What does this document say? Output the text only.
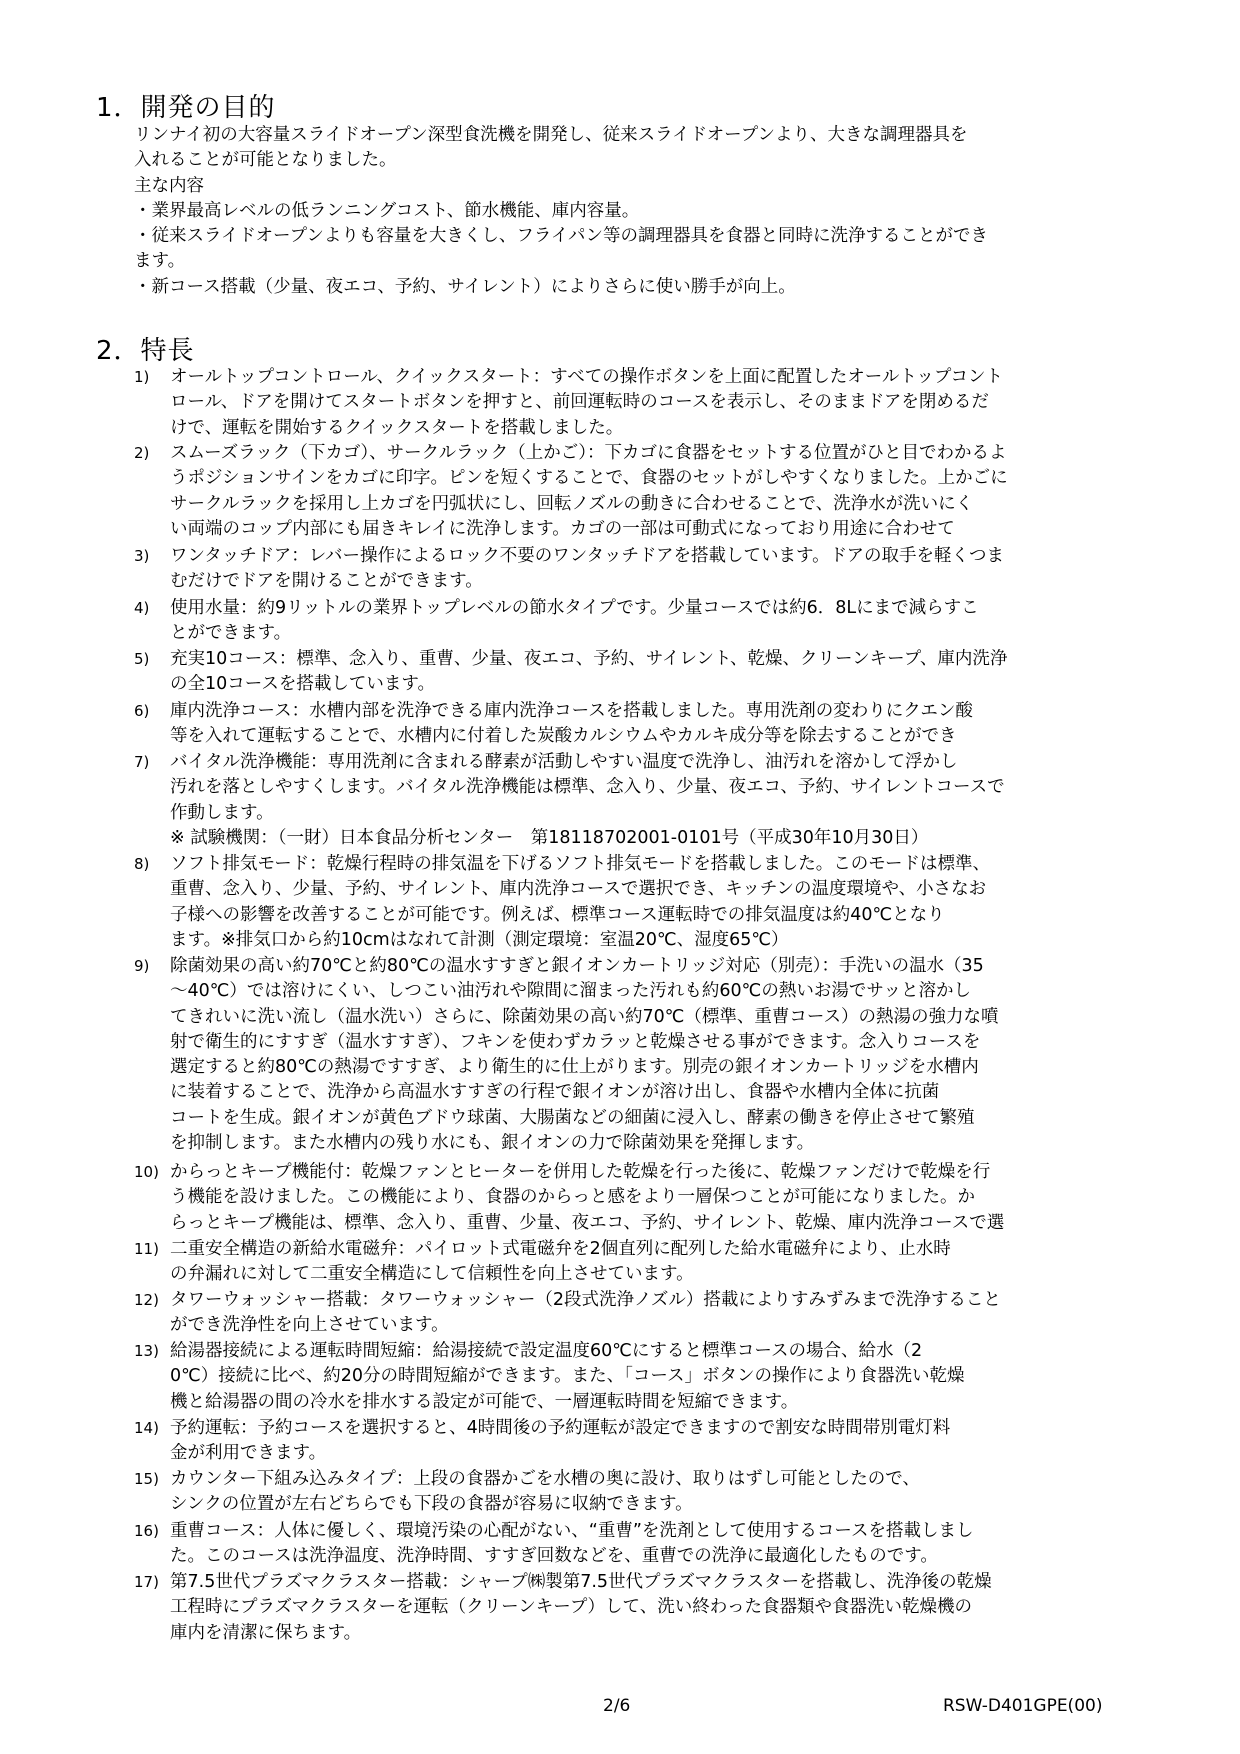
1．開発の目的
リンナイ初の大容量スライドオープン深型食洗機を開発し、従来スライドオープンより、大きな調理器具を
入れることが可能となりました。
主な内容
・業界最高レベルの低ランニングコスト、節水機能、庫内容量。
・従来スライドオープンよりも容量を大きくし、フライパン等の調理器具を食器と同時に洗浄することができ
ます。
・新コース搭載（少量、夜エコ、予約、サイレント）によりさらに使い勝手が向上。
2．特長
1)	オールトップコントロール、クイックスタート：すべての操作ボタンを上面に配置したオールトップコント
ロール、ドアを開けてスタートボタンを押すと、前回運転時のコースを表示し、そのままドアを閉めるだ
けで、運転を開始するクイックスタートを搭載しました。
2)	スムーズラック（下カゴ）、サークルラック（上かご）：下カゴに食器をセットする位置がひと目でわかるよ
うポジションサインをカゴに印字。ピンを短くすることで、食器のセットがしやすくなりました。上かごに
サークルラックを採用し上カゴを円弧状にし、回転ノズルの動きに合わせることで、洗浄水が洗いにく
い両端のコップ内部にも届きキレイに洗浄します。カゴの一部は可動式になっており用途に合わせて
3)	ワンタッチドア：レバー操作によるロック不要のワンタッチドアを搭載しています。ドアの取手を軽くつま
むだけでドアを開けることができます。
4)	使用水量：約9リットルの業界トップレベルの節水タイプです。少量コースでは約6．8Lにまで減らすこ
とができます。
5)	充実10コース：標準、念入り、重曹、少量、夜エコ、予約、サイレント、乾燥、クリーンキープ、庫内洗浄
の全10コースを搭載しています。
6)	庫内洗浄コース：水槽内部を洗浄できる庫内洗浄コースを搭載しました。専用洗剤の変わりにクエン酸
等を入れて運転することで、水槽内に付着した炭酸カルシウムやカルキ成分等を除去することができ
7)	バイタル洗浄機能：専用洗剤に含まれる酵素が活動しやすい温度で洗浄し、油汚れを溶かして浮かし
汚れを落としやすくします。バイタル洗浄機能は標準、念入り、少量、夜エコ、予約、サイレントコースで
作動します。
※ 試験機関：（一財）日本食品分析センター　第18118702001-0101号（平成30年10月30日）
8)	ソフト排気モード：乾燥行程時の排気温を下げるソフト排気モードを搭載しました。このモードは標準、
重曹、念入り、少量、予約、サイレント、庫内洗浄コースで選択でき、キッチンの温度環境や、小さなお
子様への影響を改善することが可能です。例えば、標準コース運転時での排気温度は約40℃となり
ます。※排気口から約10cmはなれて計測（測定環境：室温20℃、湿度65℃）
9)	除菌効果の高い約70℃と約80℃の温水すすぎと銀イオンカートリッジ対応（別売）：手洗いの温水（35
～40℃）では溶けにくい、しつこい油汚れや隙間に溜まった汚れも約60℃の熱いお湯でサッと溶かし
てきれいに洗い流し（温水洗い）さらに、除菌効果の高い約70℃（標準、重曹コース）の熱湯の強力な噴
射で衛生的にすすぎ（温水すすぎ）、フキンを使わずカラッと乾燥させる事ができます。念入りコースを
選定すると約80℃の熱湯ですすぎ、より衛生的に仕上がります。別売の銀イオンカートリッジを水槽内
に装着することで、洗浄から高温水すすぎの行程で銀イオンが溶け出し、食器や水槽内全体に抗菌
コートを生成。銀イオンが黄色ブドウ球菌、大腸菌などの細菌に浸入し、酵素の働きを停止させて繁殖
を抑制します。また水槽内の残り水にも、銀イオンの力で除菌効果を発揮します。
10) からっとキープ機能付：乾燥ファンとヒーターを併用した乾燥を行った後に、乾燥ファンだけで乾燥を行
う機能を設けました。この機能により、食器のからっと感をより一層保つことが可能になりました。か
らっとキープ機能は、標準、念入り、重曹、少量、夜エコ、予約、サイレント、乾燥、庫内洗浄コースで選
11) 二重安全構造の新給水電磁弁：パイロット式電磁弁を2個直列に配列した給水電磁弁により、止水時
の弁漏れに対して二重安全構造にして信頼性を向上させています。
12) タワーウォッシャー搭載：タワーウォッシャー（2段式洗浄ノズル）搭載によりすみずみまで洗浄すること
ができ洗浄性を向上させています。
13) 給湯器接続による運転時間短縮：給湯接続で設定温度60℃にすると標準コースの場合、給水（2
0℃）接続に比べ、約20分の時間短縮ができます。また、「コース」ボタンの操作により食器洗い乾燥
機と給湯器の間の冷水を排水する設定が可能で、一層運転時間を短縮できます。
14) 予約運転：予約コースを選択すると、4時間後の予約運転が設定できますので割安な時間帯別電灯料
金が利用できます。
15) カウンター下組み込みタイプ：上段の食器かごを水槽の奥に設け、取りはずし可能としたので、
シンクの位置が左右どちらでも下段の食器が容易に収納できます。
16) 重曹コース：人体に優しく、環境汚染の心配がない、“重曹”を洗剤として使用するコースを搭載しまし
た。このコースは洗浄温度、洗浄時間、すすぎ回数などを、重曹での洗浄に最適化したものです。
17) 第7.5世代プラズマクラスター搭載：シャープ㈱製第7.5世代プラズマクラスターを搭載し、洗浄後の乾燥
工程時にプラズマクラスターを運転（クリーンキープ）して、洗い終わった食器類や食器洗い乾燥機の
庫内を清潔に保ちます。
2/6	RSW-D401GPE(00)
